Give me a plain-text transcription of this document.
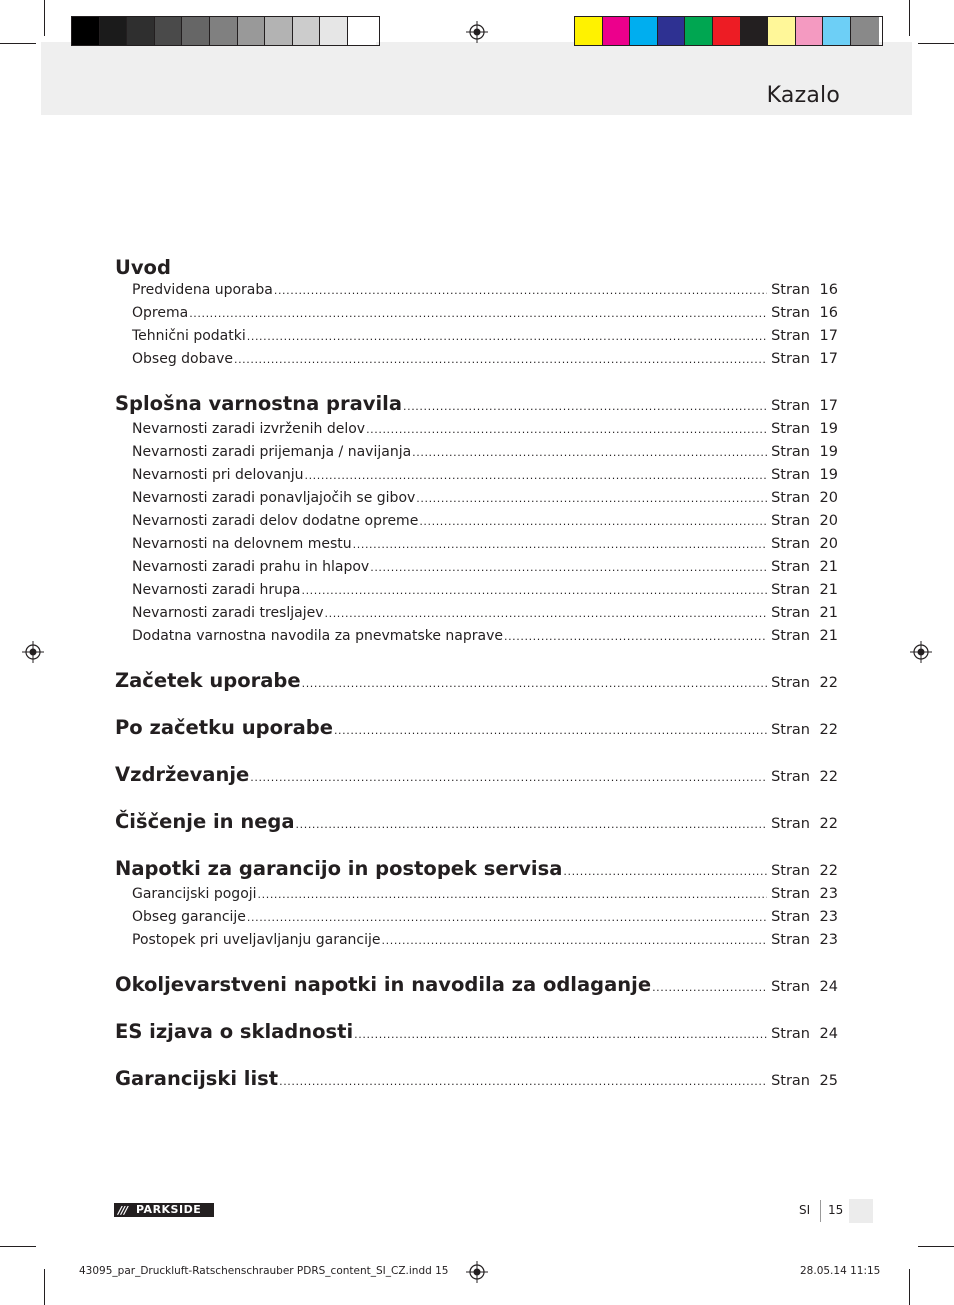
Kazalo
Uvod
Predvidena uporaba .....	Stran 16
Oprema .....	Stran 16
Tehnični podatki .....	Stran 17
Obseg dobave .....	Stran 17
Splošna varnostna pravila .....	Stran 17
Nevarnosti zaradi izvrženih delov .....	Stran 19
Nevarnosti zaradi prijemanja / navijanja .....	Stran 19
Nevarnosti pri delovanju .....	Stran 19
Nevarnosti zaradi ponavljajočih se gibov .....	Stran 20
Nevarnosti zaradi delov dodatne opreme .....	Stran 20
Nevarnosti na delovnem mestu .....	Stran 20
Nevarnosti zaradi prahu in hlapov .....	Stran 21
Nevarnosti zaradi hrupa .....	Stran 21
Nevarnosti zaradi tresljajev .....	Stran 21
Dodatna varnostna navodila za pnevmatske naprave .....	Stran 21
Začetek uporabe .....	Stran 22
Po začetku uporabe .....	Stran 22
Vzdrževanje .....	Stran 22
Čiščenje in nega .....	Stran 22
Napotki za garancijo in postopek servisa .....	Stran 22
Garancijski pogoji .....	Stran 23
Obseg garancije .....	Stran 23
Postopek pri uveljavljanju garancije .....	Stran 23
Okoljevarstveni napotki in navodila za odlaganje .....	Stran 24
ES izjava o skladnosti .....	Stran 24
Garancijski list .....	Stran 25
/// PARKSIDE	SI 15
43095_par_Druckluft-Ratschenschrauber PDRS_content_SI_CZ.indd 15	28.05.14 11:15
